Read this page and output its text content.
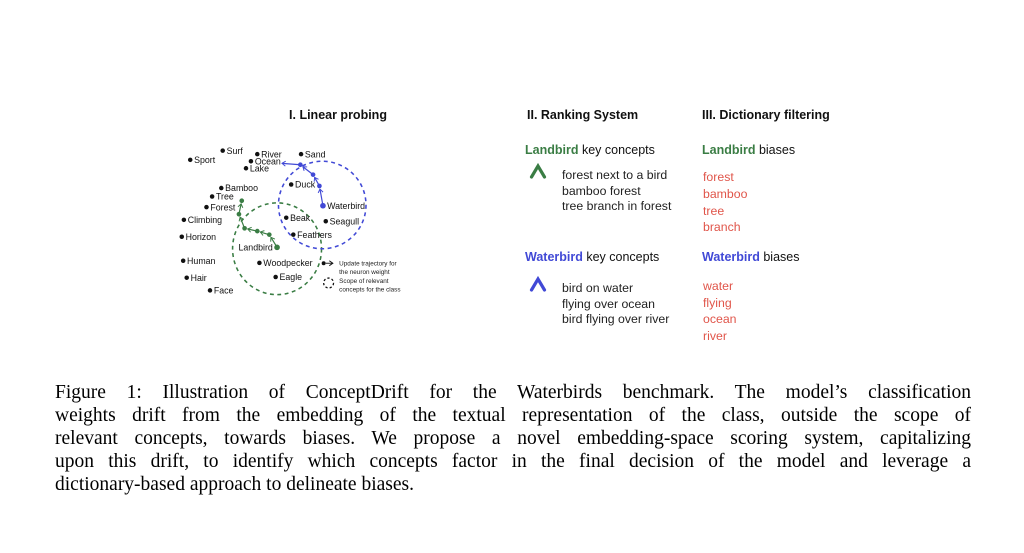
Landbird
Waterbird
Sport
Surf River
Ocean
Lake
Sand
Bamboo
Tree
Forest
Climbing
Horizon
Human
Hair
Face
Duck
Beak Seagull
Feathers
Woodpecker
Eagle
Update trajectory for
the neuron weight
Scope of relevant
concepts for the class
I. Linear probing	II. Ranking System
Landbird key concepts
forest next to a bird
bamboo forest
tree branch in forest
Waterbird key concepts
bird on water
flying over ocean
bird flying over river
III. Dictionary filtering
Landbird biases
forest
bamboo
tree
branch
Waterbird biases
water
flying
ocean
river
Figure 1: Illustration of ConceptDrift for the Waterbirds benchmark. The model’s classification
weights drift from the embedding of the textual representation of the class, outside the scope of
relevant concepts, towards biases. We propose a novel embedding-space scoring system, capitalizing
upon this drift, to identify which concepts factor in the final decision of the model and leverage a
dictionary-based approach to delineate biases.
